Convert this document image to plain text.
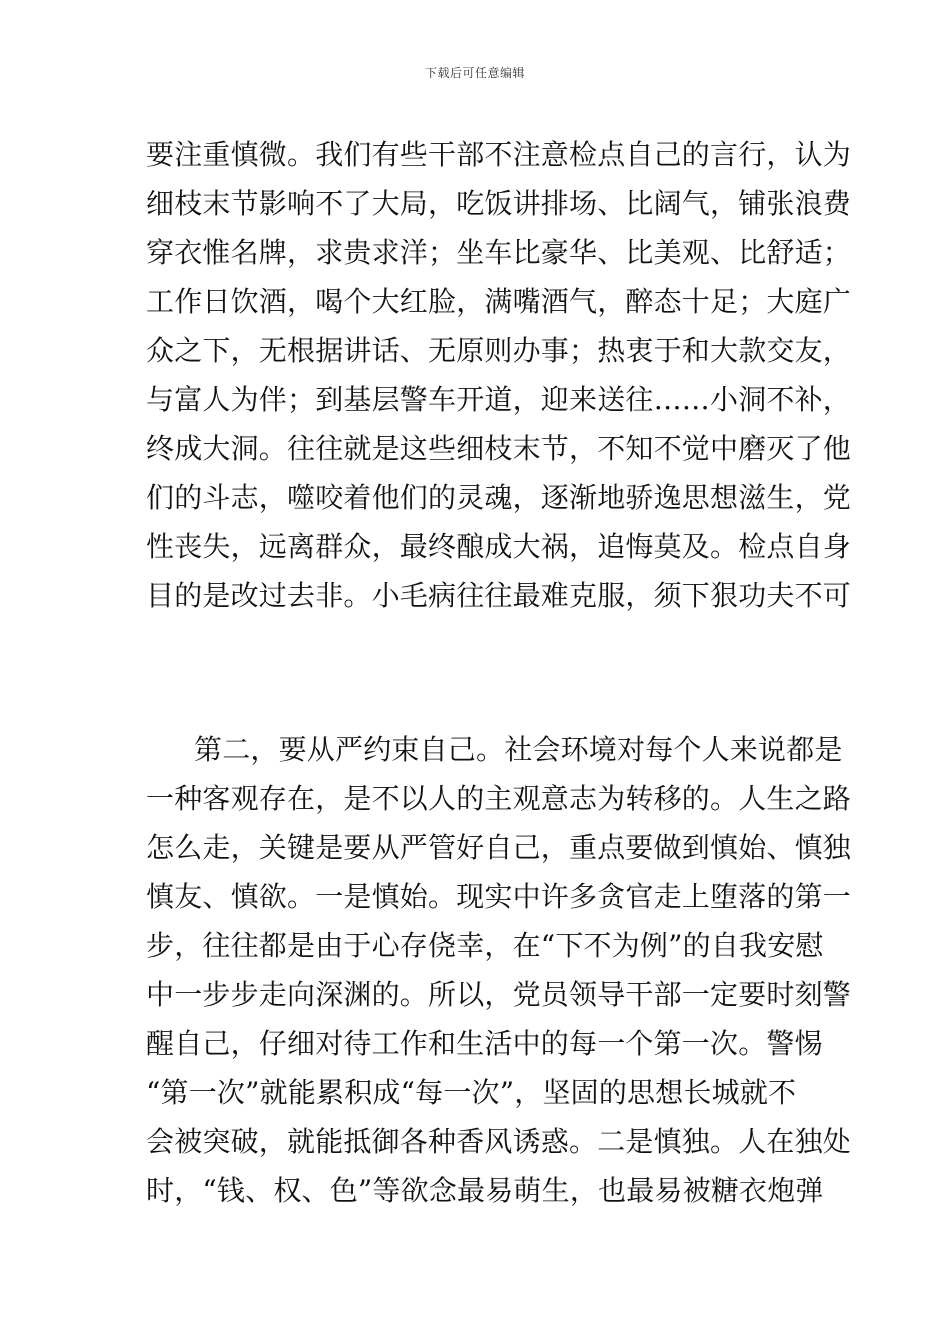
下载后可任意编辑
要注重慎微。我们有些干部不注意检点自己的言行，认为
细枝末节影响不了大局，吃饭讲排场、比阔气，铺张浪费
穿衣惟名牌，求贵求洋；坐车比豪华、比美观、比舒适；
工作日饮酒，喝个大红脸，满嘴酒气，醉态十足；大庭广
众之下，无根据讲话、无原则办事；热衷于和大款交友，
与富人为伴；到基层警车开道，迎来送往……小洞不补，
终成大洞。往往就是这些细枝末节，不知不觉中磨灭了他
们的斗志，噬咬着他们的灵魂，逐渐地骄逸思想滋生，党
性丧失，远离群众，最终酿成大祸，追悔莫及。检点自身
目的是改过去非。小毛病往往最难克服，须下狠功夫不可
第二，要从严约束自己。社会环境对每个人来说都是
一种客观存在，是不以人的主观意志为转移的。人生之路
怎么走，关键是要从严管好自己，重点要做到慎始、慎独
慎友、慎欲。一是慎始。现实中许多贪官走上堕落的第一
步，往往都是由于心存侥幸，在“下不为例”的自我安慰
中一步步走向深渊的。所以，党员领导干部一定要时刻警
醒自己，仔细对待工作和生活中的每一个第一次。警惕
“第一次”就能累积成“每一次”，坚固的思想长城就不
会被突破，就能抵御各种香风诱惑。二是慎独。人在独处
时，“钱、权、色”等欲念最易萌生，也最易被糖衣炮弹
